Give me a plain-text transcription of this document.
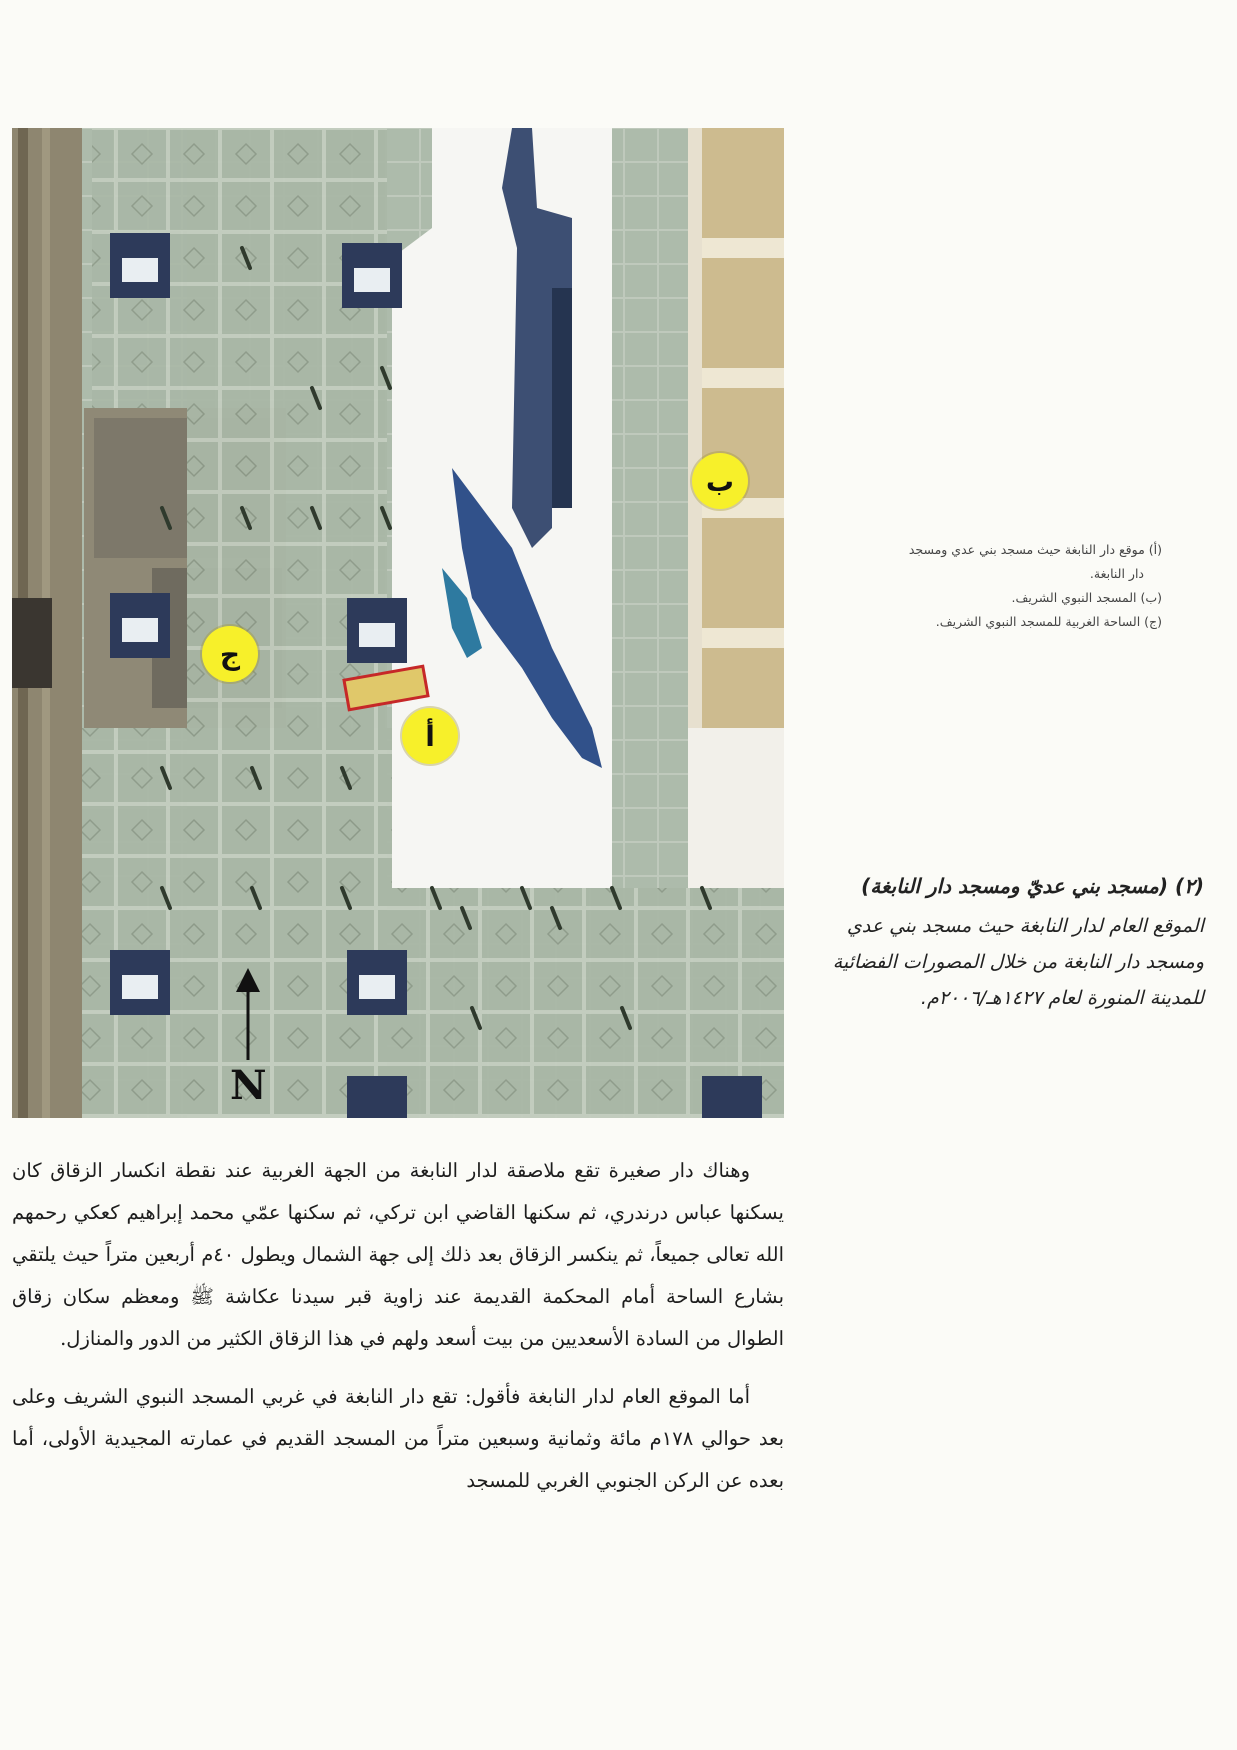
ب
ج
أ
N
(أ) موقع دار النابغة حيث مسجد بني عدي ومسجد
دار النابغة.
(ب) المسجد النبوي الشريف.
(ج) الساحة الغربية للمسجد النبوي الشريف.
(٢) (مسجد بني عديّ ومسجد دار النابغة)
الموقع العام لدار النابغة حيث مسجد بني عدي ومسجد دار النابغة من خلال المصورات الفضائية للمدينة المنورة لعام ١٤٢٧هـ/٢٠٠٦م.

وهناك دار صغيرة تقع ملاصقة لدار النابغة من الجهة الغربية عند نقطة انكسار الزقاق كان يسكنها عباس درندري، ثم سكنها القاضي ابن تركي، ثم سكنها عمّي محمد إبراهيم كعكي رحمهم الله تعالى جميعاً، ثم ينكسر الزقاق بعد ذلك إلى جهة الشمال ويطول ٤٠م أربعين متراً حيث يلتقي بشارع الساحة أمام المحكمة القديمة عند زاوية قبر سيدنا عكاشة ﷺ ومعظم سكان زقاق الطوال من السادة الأسعديين من بيت أسعد ولهم في هذا الزقاق الكثير من الدور والمنازل.

أما الموقع العام لدار النابغة فأقول: تقع دار النابغة في غربي المسجد النبوي الشريف وعلى بعد حوالي ١٧٨م مائة وثمانية وسبعين متراً من المسجد القديم في عمارته المجيدية الأولى، أما بعده عن الركن الجنوبي الغربي للمسجد
